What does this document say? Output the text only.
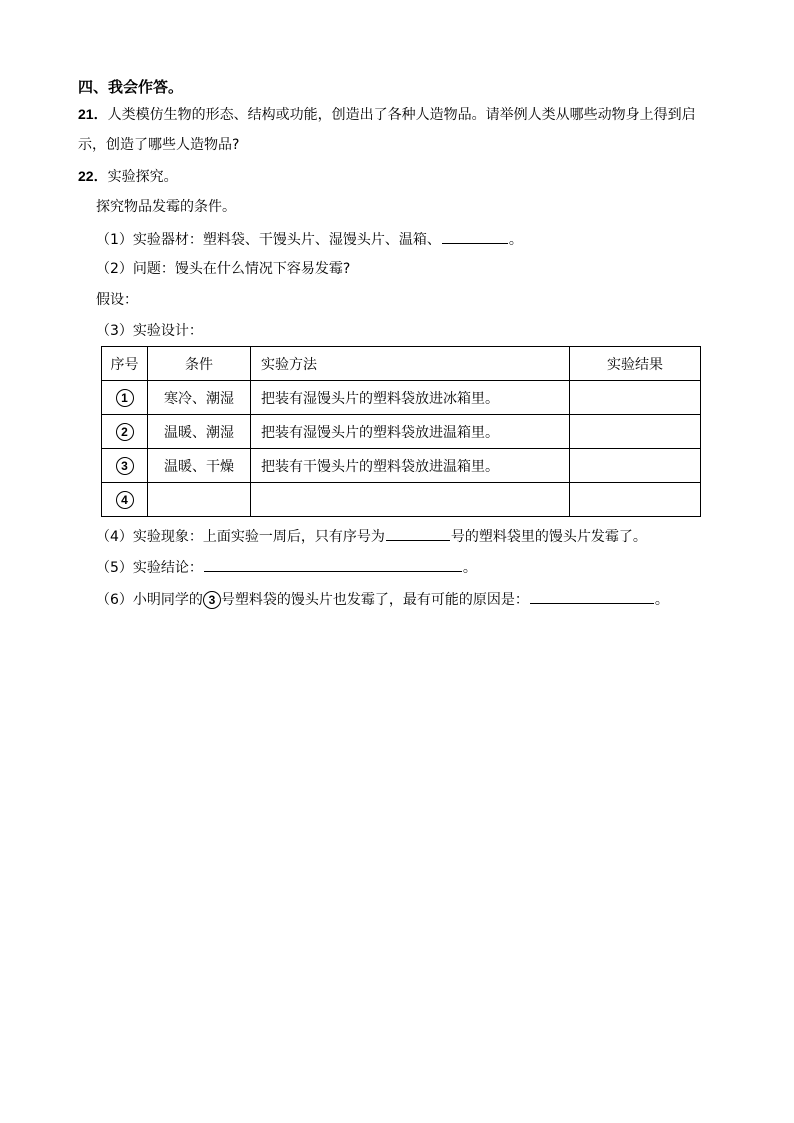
四、我会作答。
21．人类模仿生物的形态、结构或功能，创造出了各种人造物品。请举例人类从哪些动物身上得到启
示，创造了哪些人造物品?
22．实验探究。
探究物品发霉的条件。
（1）实验器材：塑料袋、干馒头片、湿馒头片、温箱、	。
（2）问题：馒头在什么情况下容易发霉?
假设：
（3）实验设计：
序号	条件	实验方法	实验结果
1	寒冷、潮湿	把装有湿馒头片的塑料袋放进冰箱里。	
2	温暖、潮湿	把装有湿馒头片的塑料袋放进温箱里。	
3	温暖、干燥	把装有干馒头片的塑料袋放进温箱里。	
4			
（4）实验现象：上面实验一周后，只有序号为	号的塑料袋里的馒头片发霉了。
（5）实验结论：	。
（6）小明同学的 3 号塑料袋的馒头片也发霉了，最有可能的原因是：	。
